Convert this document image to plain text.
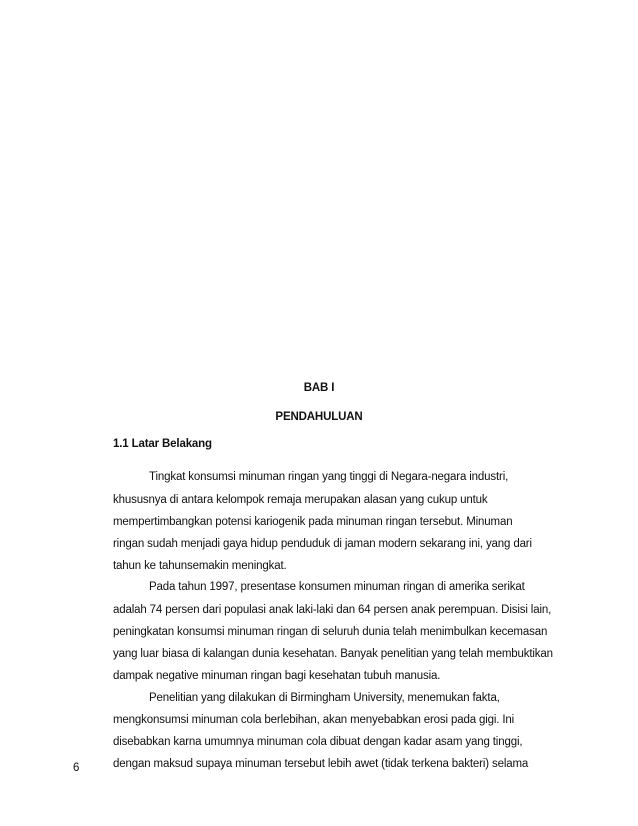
BAB I
PENDAHULUAN
1.1 Latar Belakang
Tingkat konsumsi minuman ringan yang tinggi di Negara-negara industri,
khususnya di antara kelompok remaja merupakan alasan yang cukup untuk
mempertimbangkan potensi kariogenik pada minuman ringan tersebut. Minuman
ringan sudah menjadi gaya hidup penduduk di jaman modern sekarang ini, yang dari
tahun ke tahunsemakin meningkat.
Pada tahun 1997, presentase konsumen minuman ringan di amerika serikat
adalah 74 persen dari populasi anak laki-laki dan 64 persen anak perempuan. Disisi lain,
peningkatan konsumsi minuman ringan di seluruh dunia telah menimbulkan kecemasan
yang luar biasa di kalangan dunia kesehatan. Banyak penelitian yang telah membuktikan
dampak negative minuman ringan bagi kesehatan tubuh manusia.
Penelitian yang dilakukan di Birmingham University, menemukan fakta,
mengkonsumsi minuman cola berlebihan, akan menyebabkan erosi pada gigi. Ini
disebabkan karna umumnya minuman cola dibuat dengan kadar asam yang tinggi,
dengan maksud supaya minuman tersebut lebih awet (tidak terkena bakteri) selama
6
